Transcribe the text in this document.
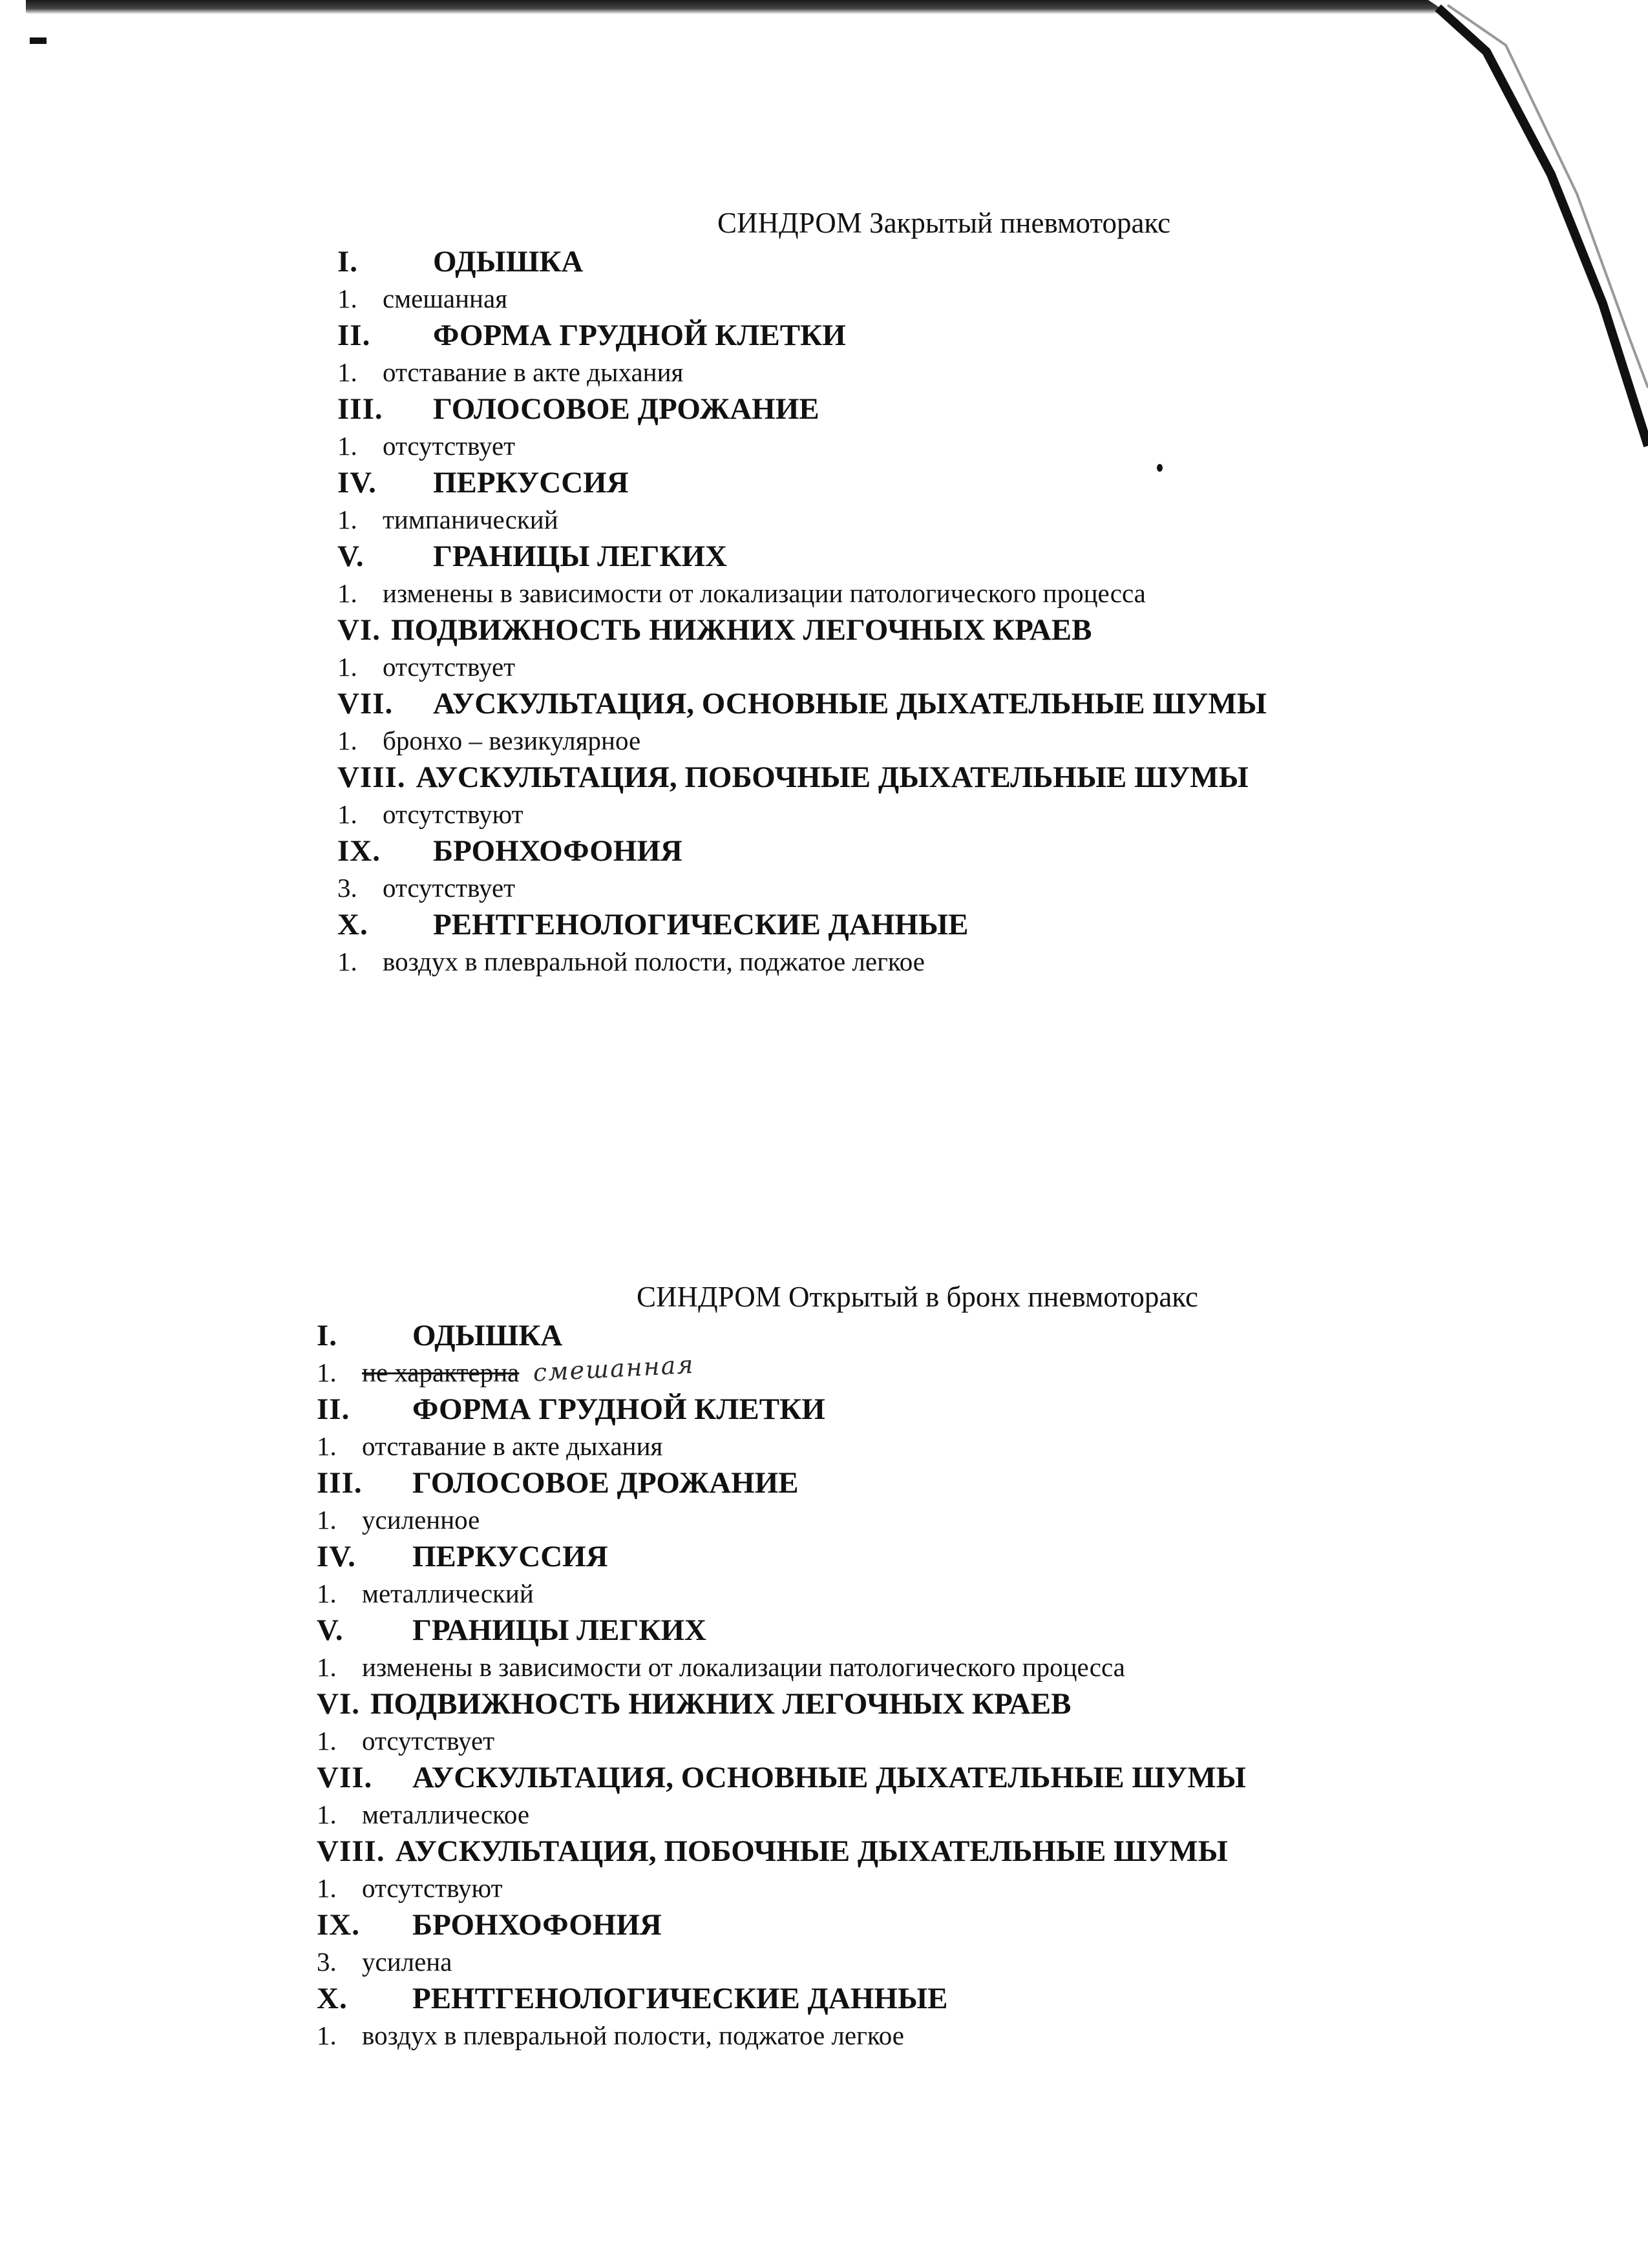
СИНДРОМ Закрытый пневмоторакс
I.	ОДЫШКА
1. смешанная
II.	ФОРМА ГРУДНОЙ КЛЕТКИ
1. отставание в акте дыхания
III.	ГОЛОСОВОЕ ДРОЖАНИЕ
1. отсутствует
IV.	ПЕРКУССИЯ
1. тимпанический
V.	ГРАНИЦЫ ЛЕГКИХ
1. изменены в зависимости от локализации патологического процесса
VI. ПОДВИЖНОСТЬ НИЖНИХ ЛЕГОЧНЫХ КРАЕВ
1. отсутствует
VII.	АУСКУЛЬТАЦИЯ, ОСНОВНЫЕ ДЫХАТЕЛЬНЫЕ ШУМЫ
1. бронхо – везикулярное
VIII. АУСКУЛЬТАЦИЯ, ПОБОЧНЫЕ ДЫХАТЕЛЬНЫЕ ШУМЫ
1. отсутствуют
IX.	БРОНХОФОНИЯ
3. отсутствует
X.	РЕНТГЕНОЛОГИЧЕСКИЕ ДАННЫЕ
1. воздух в плевральной полости, поджатое легкое
СИНДРОМ Открытый в бронх пневмоторакс
I.	ОДЫШКА
1. не характерна смешанная
II.	ФОРМА ГРУДНОЙ КЛЕТКИ
1. отставание в акте дыхания
III.	ГОЛОСОВОЕ ДРОЖАНИЕ
1. усиленное
IV.	ПЕРКУССИЯ
1. металлический
V.	ГРАНИЦЫ ЛЕГКИХ
1. изменены в зависимости от локализации патологического процесса
VI. ПОДВИЖНОСТЬ НИЖНИХ ЛЕГОЧНЫХ КРАЕВ
1. отсутствует
VII.	АУСКУЛЬТАЦИЯ, ОСНОВНЫЕ ДЫХАТЕЛЬНЫЕ ШУМЫ
1. металлическое
VIII. АУСКУЛЬТАЦИЯ, ПОБОЧНЫЕ ДЫХАТЕЛЬНЫЕ ШУМЫ
1. отсутствуют
IX.	БРОНХОФОНИЯ
3. усилена
X.	РЕНТГЕНОЛОГИЧЕСКИЕ ДАННЫЕ
1. воздух в плевральной полости, поджатое легкое
